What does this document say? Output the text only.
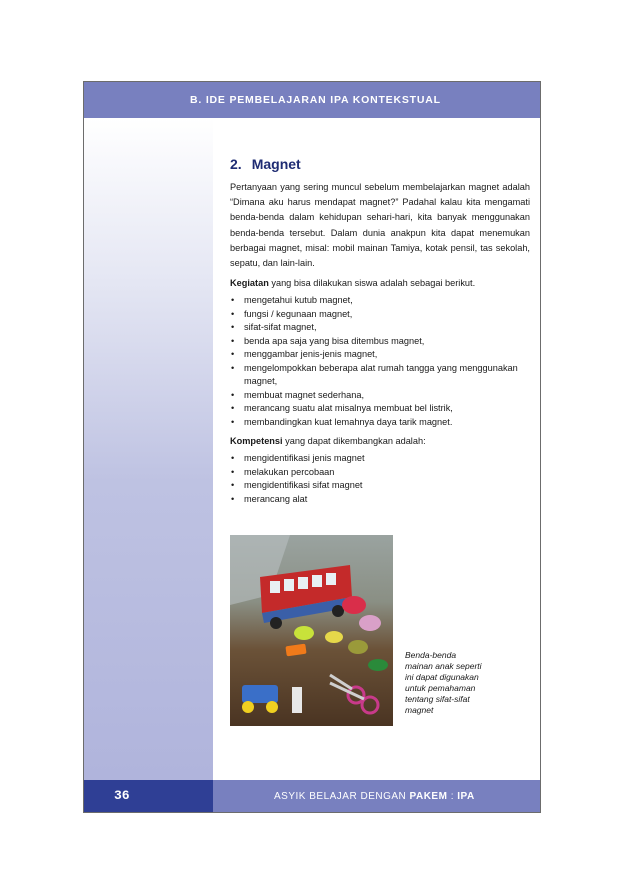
B. IDE PEMBELAJARAN IPA KONTEKSTUAL
2. Magnet

Pertanyaan yang sering muncul sebelum membelajarkan magnet adalah “Dimana aku harus mendapat magnet?” Padahal kalau kita mengamati benda-benda dalam kehidupan sehari-hari, kita banyak menggunakan benda-benda tersebut. Dalam dunia anakpun kita dapat menemukan berbagai magnet, misal: mobil mainan Tamiya, kotak pensil, tas sekolah, sepatu, dan lain-lain.

Kegiatan yang bisa dilakukan siswa adalah sebagai berikut.

• mengetahui kutub magnet,
• fungsi / kegunaan magnet,
• sifat-sifat magnet,
• benda apa saja yang bisa ditembus magnet,
• menggambar jenis-jenis magnet,
• mengelompokkan beberapa alat rumah tangga yang menggunakan magnet,
• membuat magnet sederhana,
• merancang suatu alat misalnya membuat bel listrik,
• membandingkan kuat lemahnya daya tarik magnet.

Kompetensi yang dapat dikembangkan adalah:

• mengidentifikasi jenis magnet
• melakukan percobaan
• mengidentifikasi sifat magnet
• merancang alat
Benda-benda mainan anak seperti ini dapat digunakan untuk pemahaman tentang sifat-sifat magnet
36	ASYIK BELAJAR DENGAN PAKEM : IPA
